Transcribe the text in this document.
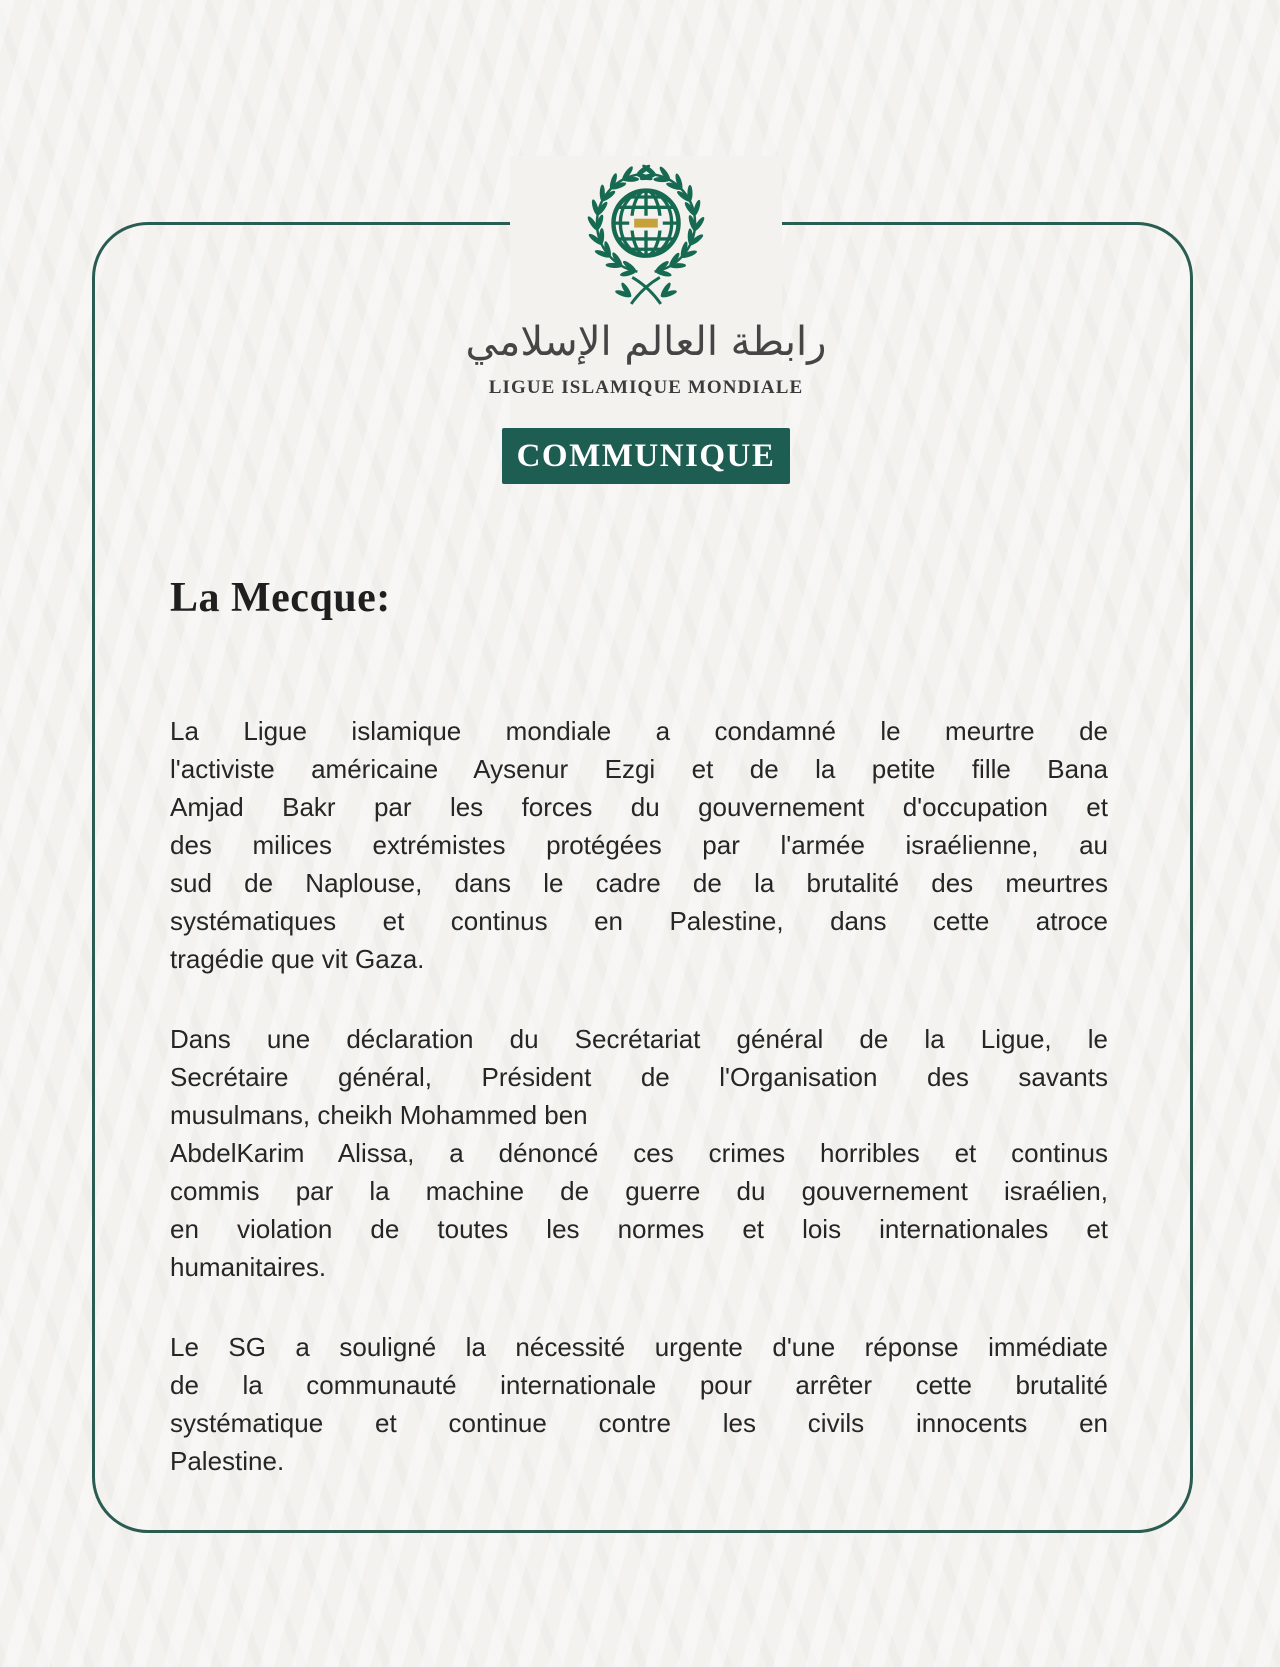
رابطة العالم الإسلامي
LIGUE ISLAMIQUE MONDIALE
COMMUNIQUE
La Mecque:
La Ligue islamique mondiale a condamné le meurtre de
l'activiste américaine Aysenur Ezgi et de la petite fille Bana
Amjad Bakr par les forces du gouvernement d'occupation et
des milices extrémistes protégées par l'armée israélienne, au
sud de Naplouse, dans le cadre de la brutalité des meurtres
systématiques et continus en Palestine, dans cette atroce
tragédie que vit Gaza.
Dans une déclaration du Secrétariat général de la Ligue, le
Secrétaire général, Président de l'Organisation des savants
musulmans, cheikh Mohammed ben
AbdelKarim Alissa, a dénoncé ces crimes horribles et continus
commis par la machine de guerre du gouvernement israélien,
en violation de toutes les normes et lois internationales et
humanitaires.
Le SG a souligné la nécessité urgente d'une réponse immédiate
de la communauté internationale pour arrêter cette brutalité
systématique et continue contre les civils innocents en
Palestine.
